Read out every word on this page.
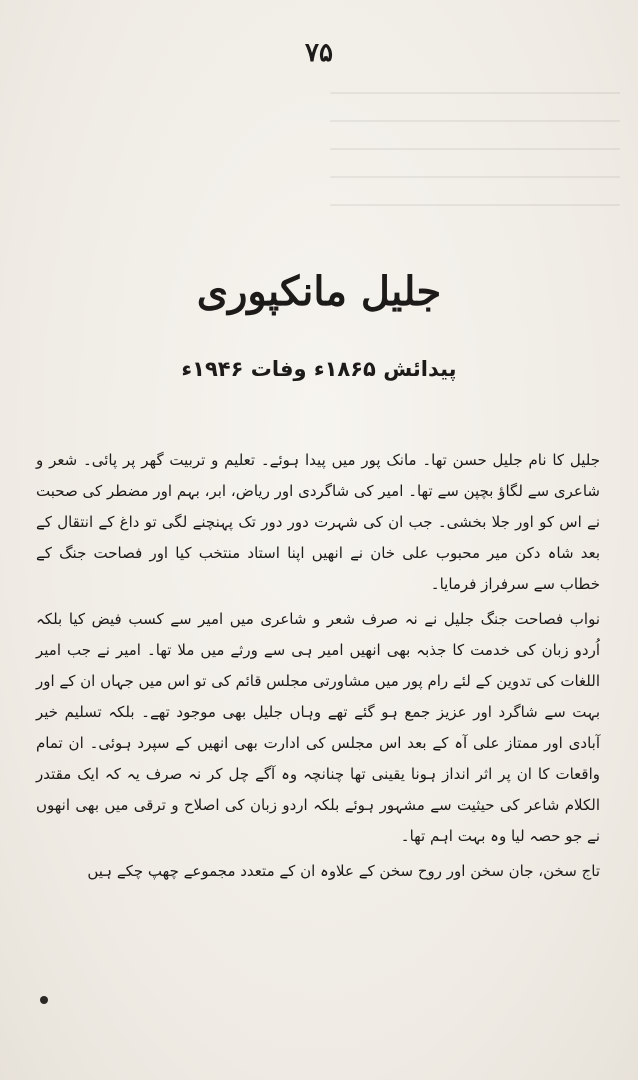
۷۵
جلیل مانکپوری
پیدائش ۱۸۶۵ء وفات ۱۹۴۶ء

جلیل کا نام جلیل حسن تھا۔ مانک پور میں پیدا ہوئے۔ تعلیم و تربیت گھر پر پائی۔ شعر و شاعری سے لگاؤ بچپن سے تھا۔ امیر کی شاگردی اور ریاض، ابر، بہم اور مضطر کی صحبت نے اس کو اور جلا بخشی۔ جب ان کی شہرت دور دور تک پہنچنے لگی تو داغ کے انتقال کے بعد شاہ دکن میر محبوب علی خان نے انھیں اپنا استاد منتخب کیا اور فصاحت جنگ کے خطاب سے سرفراز فرمایا۔

نواب فصاحت جنگ جلیل نے نہ صرف شعر و شاعری میں امیر سے کسب فیض کیا بلکہ اُردو زبان کی خدمت کا جذبہ بھی انھیں امیر ہی سے ورثے میں ملا تھا۔ امیر نے جب امیر اللغات کی تدوین کے لئے رام پور میں مشاورتی مجلس قائم کی تو اس میں جہاں ان کے اور بہت سے شاگرد اور عزیز جمع ہو گئے تھے وہاں جلیل بھی موجود تھے۔ بلکہ تسلیم خیر آبادی اور ممتاز علی آہ کے بعد اس مجلس کی ادارت بھی انھیں کے سپرد ہوئی۔ ان تمام واقعات کا ان پر اثر انداز ہونا یقینی تھا چنانچہ وہ آگے چل کر نہ صرف یہ کہ ایک مقتدر الکلام شاعر کی حیثیت سے مشہور ہوئے بلکہ اردو زبان کی اصلاح و ترقی میں بھی انھوں نے جو حصہ لیا وہ بہت اہم تھا۔

تاج سخن، جان سخن اور روح سخن کے علاوہ ان کے متعدد مجموعے چھپ چکے ہیں
